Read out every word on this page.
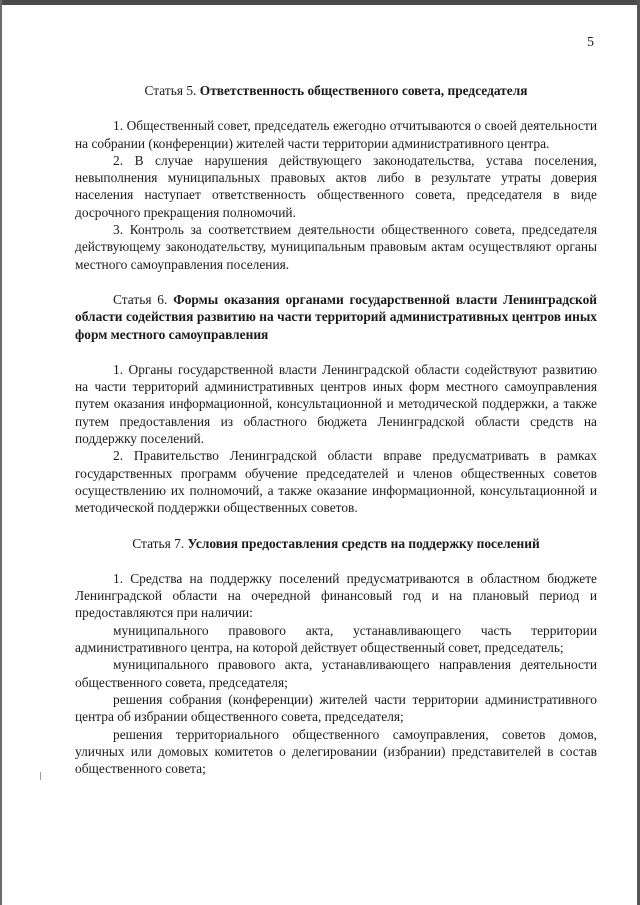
5
Статья 5. Ответственность общественного совета, председателя

1. Общественный совет, председатель ежегодно отчитываются о своей деятельности на собрании (конференции) жителей части территории административного центра.

2. В случае нарушения действующего законодательства, устава поселения, невыполнения муниципальных правовых актов либо в результате утраты доверия населения наступает ответственность общественного совета, председателя в виде досрочного прекращения полномочий.

3. Контроль за соответствием деятельности общественного совета, председателя действующему законодательству, муниципальным правовым актам осуществляют органы местного самоуправления поселения.

Статья 6. Формы оказания органами государственной власти Ленинградской области содействия развитию на части территорий административных центров иных форм местного самоуправления

1. Органы государственной власти Ленинградской области содействуют развитию на части территорий административных центров иных форм местного самоуправления путем оказания информационной, консультационной и методической поддержки, а также путем предоставления из областного бюджета Ленинградской области средств на поддержку поселений.

2. Правительство Ленинградской области вправе предусматривать в рамках государственных программ обучение председателей и членов общественных советов осуществлению их полномочий, а также оказание информационной, консультационной и методической поддержки общественных советов.

Статья 7. Условия предоставления средств на поддержку поселений

1. Средства на поддержку поселений предусматриваются в областном бюджете Ленинградской области на очередной финансовый год и на плановый период и предоставляются при наличии:

муниципального правового акта, устанавливающего часть территории административного центра, на которой действует общественный совет, председатель;

муниципального правового акта, устанавливающего направления деятельности общественного совета, председателя;

решения собрания (конференции) жителей части территории административного центра об избрании общественного совета, председателя;

решения территориального общественного самоуправления, советов домов, уличных или домовых комитетов о делегировании (избрании) представителей в состав общественного совета;
